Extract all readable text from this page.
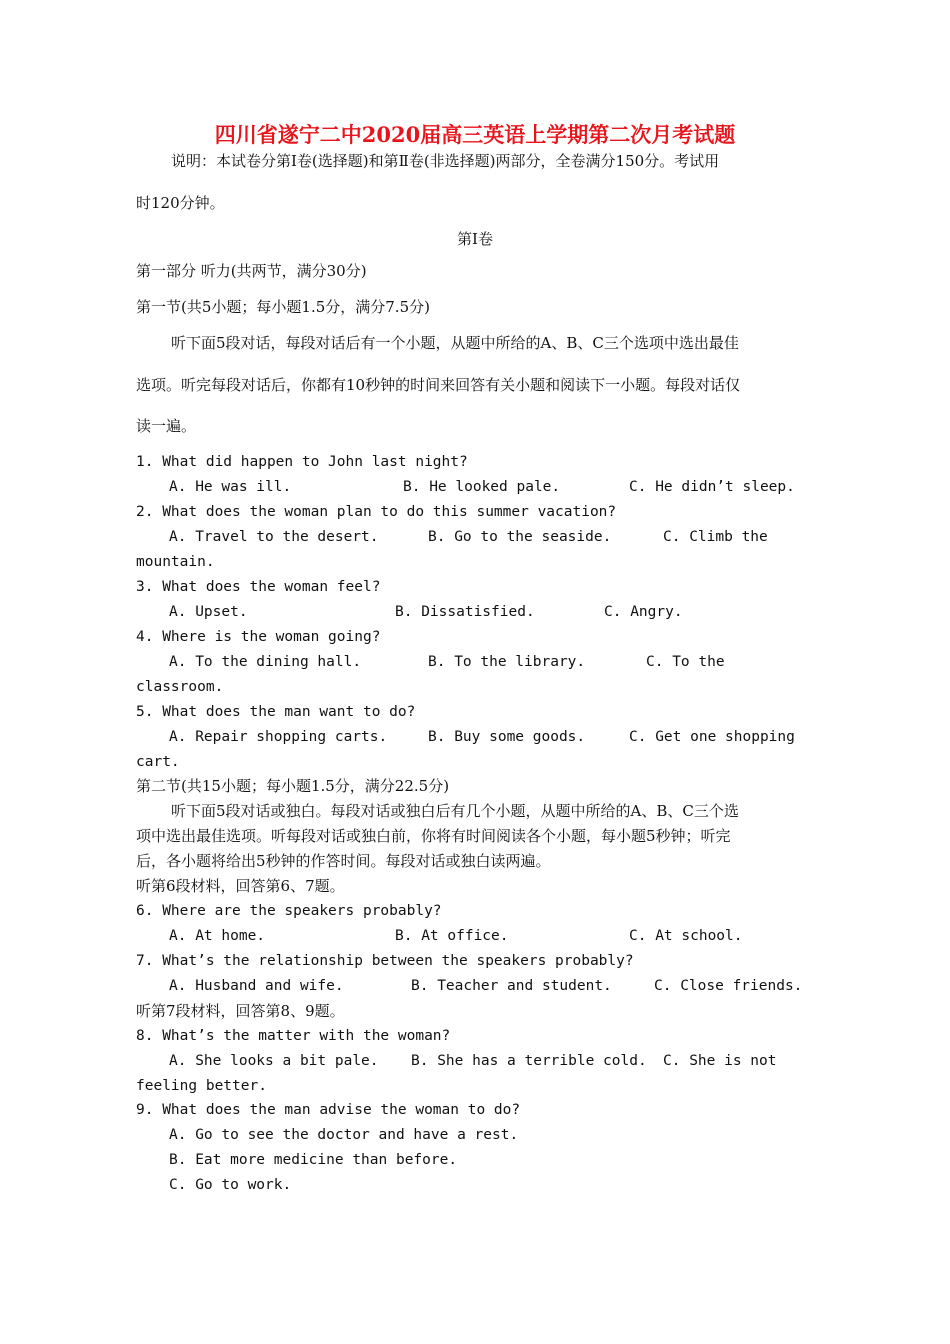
四川省遂宁二中2020届高三英语上学期第二次月考试题
说明：本试卷分第Ⅰ卷(选择题)和第Ⅱ卷(非选择题)两部分，全卷满分150分。考试用
时120分钟。
第Ⅰ卷
第一部分 听力(共两节，满分30分)
第一节(共5小题；每小题1.5分，满分7.5分)
听下面5段对话，每段对话后有一个小题，从题中所给的A、B、C三个选项中选出最佳
选项。听完每段对话后，你都有10秒钟的时间来回答有关小题和阅读下一小题。每段对话仅
读一遍。
1. What did happen to John last night?
A. He was ill.	B. He looked pale.	C. He didn’t sleep.
2. What does the woman plan to do this summer vacation?
A. Travel to the desert.	B. Go to the seaside.	C. Climb the
mountain.
3. What does the woman feel?
A. Upset.	B. Dissatisfied.	C. Angry.
4. Where is the woman going?
A. To the dining hall.	B. To the library.	C. To the
classroom.
5. What does the man want to do?
A. Repair shopping carts.	B. Buy some goods.	C. Get one shopping
cart.
第二节(共15小题；每小题1.5分，满分22.5分)
听下面5段对话或独白。每段对话或独白后有几个小题，从题中所给的A、B、C三个选
项中选出最佳选项。听每段对话或独白前，你将有时间阅读各个小题，每小题5秒钟；听完
后，各小题将给出5秒钟的作答时间。每段对话或独白读两遍。
听第6段材料，回答第6、7题。
6. Where are the speakers probably?
A. At home.	B. At office.	C. At school.
7. What’s the relationship between the speakers probably?
A. Husband and wife.	B. Teacher and student.	C. Close friends.
听第7段材料，回答第8、9题。
8. What’s the matter with the woman?
A. She looks a bit pale. B. She has a terrible cold. C. She is not
feeling better.
9. What does the man advise the woman to do?
A. Go to see the doctor and have a rest.
B. Eat more medicine than before.
C. Go to work.
